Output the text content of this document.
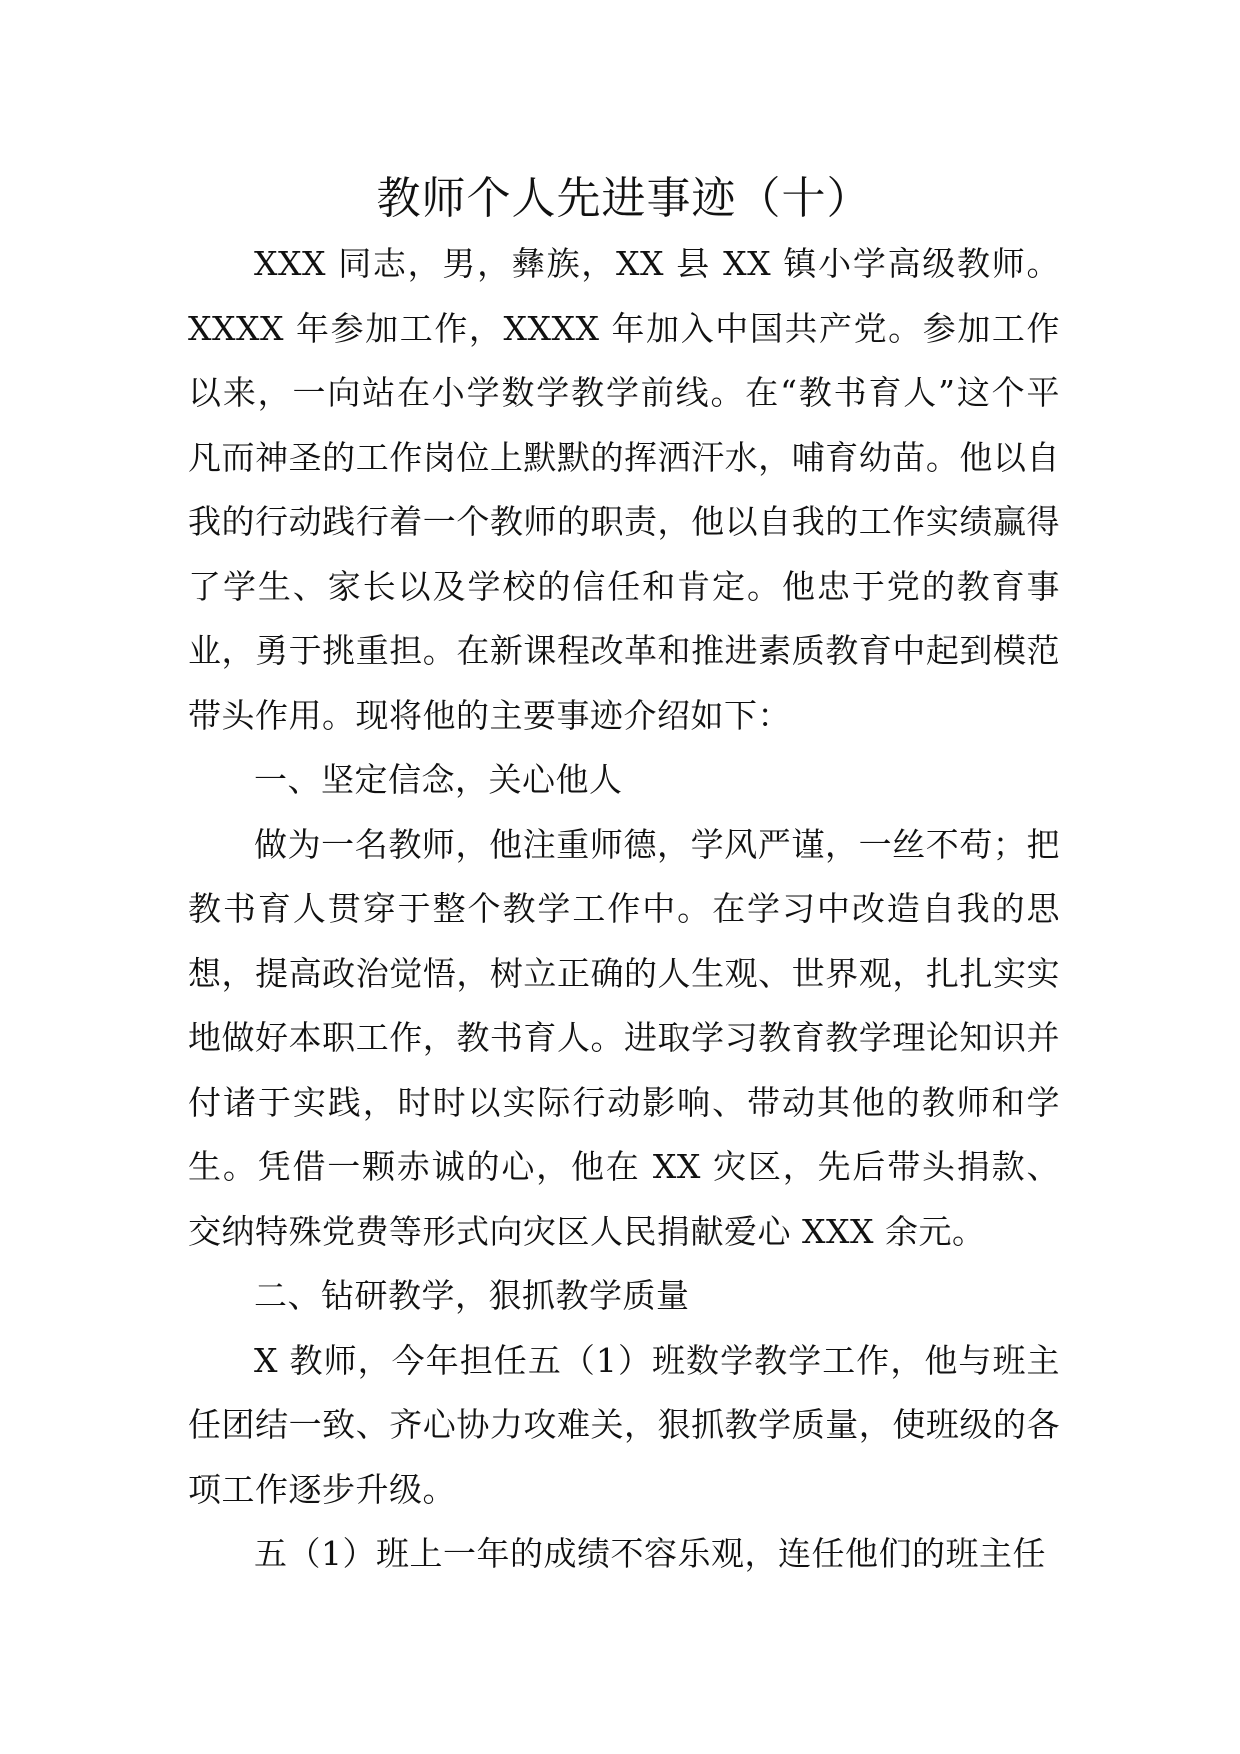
教师个人先进事迹（十）

XXX 同志，男，彝族，XX 县 XX 镇小学高级教师。XXXX 年参加工作，XXXX 年加入中国共产党。参加工作以来，一向站在小学数学教学前线。在“教书育人”这个平凡而神圣的工作岗位上默默的挥洒汗水，哺育幼苗。他以自我的行动践行着一个教师的职责，他以自我的工作实绩赢得了学生、家长以及学校的信任和肯定。他忠于党的教育事业，勇于挑重担。在新课程改革和推进素质教育中起到模范带头作用。现将他的主要事迹介绍如下：

一、坚定信念，关心他人

做为一名教师，他注重师德，学风严谨，一丝不苟；把教书育人贯穿于整个教学工作中。在学习中改造自我的思想，提高政治觉悟，树立正确的人生观、世界观，扎扎实实地做好本职工作，教书育人。进取学习教育教学理论知识并付诸于实践，时时以实际行动影响、带动其他的教师和学生。凭借一颗赤诚的心，他在 XX 灾区，先后带头捐款、交纳特殊党费等形式向灾区人民捐献爱心 XXX 余元。

二、钻研教学，狠抓教学质量

X 教师，今年担任五（1）班数学教学工作，他与班主任团结一致、齐心协力攻难关，狠抓教学质量，使班级的各项工作逐步升级。

五（1）班上一年的成绩不容乐观，连任他们的班主任
